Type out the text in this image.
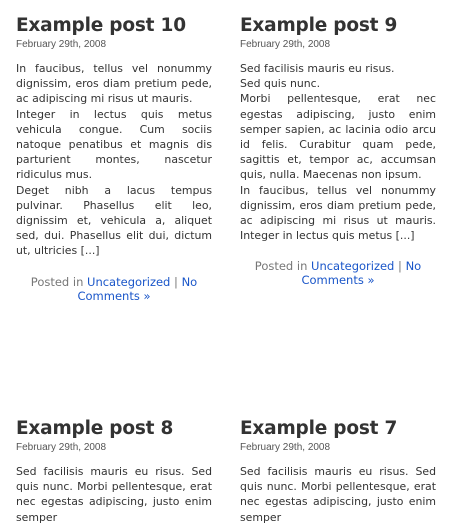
Example post 10
February 29th, 2008

In faucibus, tellus vel nonummy dignissim, eros diam pretium pede, ac adipiscing mi risus ut mauris.

Integer in lectus quis metus vehicula congue. Cum sociis natoque penatibus et magnis dis parturient montes, nascetur ridiculus mus.

Deget nibh a lacus tempus pulvinar. Phasellus elit leo, dignissim et, vehicula a, aliquet sed, dui. Phasellus elit dui, dictum ut, ultricies [...]

Posted in Uncategorized | No Comments »
Example post 9
February 29th, 2008

Sed facilisis mauris eu risus.

Sed quis nunc.

Morbi pellentesque, erat nec egestas adipiscing, justo enim semper sapien, ac lacinia odio arcu id felis. Curabitur quam pede, sagittis et, tempor ac, accumsan quis, nulla. Maecenas non ipsum.

In faucibus, tellus vel nonummy dignissim, eros diam pretium pede, ac adipiscing mi risus ut mauris. Integer in lectus quis metus [...]

Posted in Uncategorized | No Comments »
Example post 8
February 29th, 2008

Sed facilisis mauris eu risus. Sed quis nunc. Morbi pellentesque, erat nec egestas adipiscing, justo enim semper

Example post 7
February 29th, 2008

Sed facilisis mauris eu risus. Sed quis nunc. Morbi pellentesque, erat nec egestas adipiscing, justo enim semper
